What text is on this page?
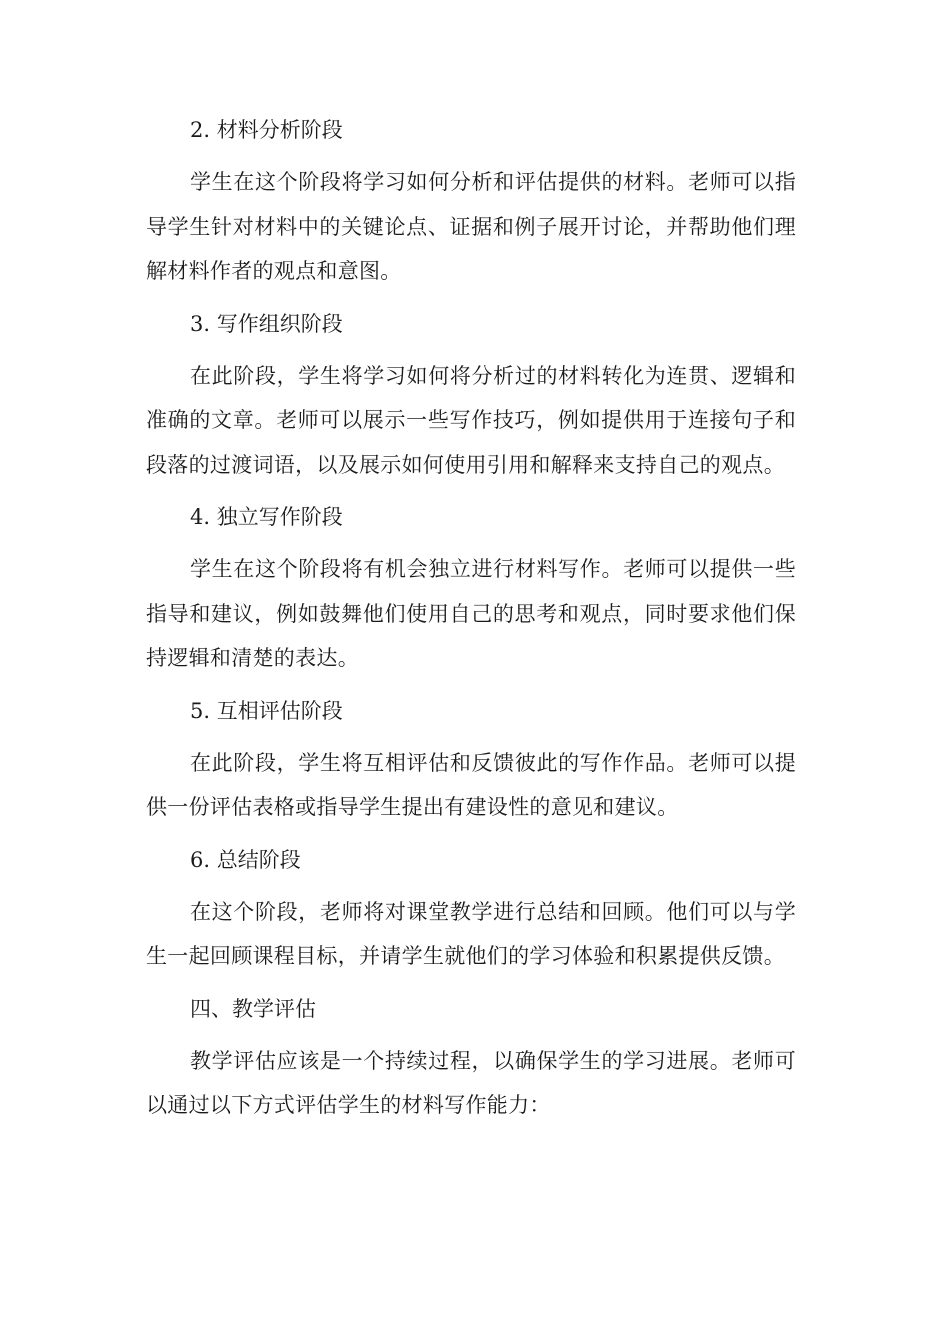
2. 材料分析阶段

学生在这个阶段将学习如何分析和评估提供的材料。老师可以指导学生针对材料中的关键论点、证据和例子展开讨论，并帮助他们理解材料作者的观点和意图。

3. 写作组织阶段

在此阶段，学生将学习如何将分析过的材料转化为连贯、逻辑和准确的文章。老师可以展示一些写作技巧，例如提供用于连接句子和段落的过渡词语，以及展示如何使用引用和解释来支持自己的观点。

4. 独立写作阶段

学生在这个阶段将有机会独立进行材料写作。老师可以提供一些指导和建议，例如鼓舞他们使用自己的思考和观点，同时要求他们保持逻辑和清楚的表达。

5. 互相评估阶段

在此阶段，学生将互相评估和反馈彼此的写作作品。老师可以提供一份评估表格或指导学生提出有建设性的意见和建议。

6. 总结阶段

在这个阶段，老师将对课堂教学进行总结和回顾。他们可以与学生一起回顾课程目标，并请学生就他们的学习体验和积累提供反馈。

四、教学评估

教学评估应该是一个持续过程，以确保学生的学习进展。老师可以通过以下方式评估学生的材料写作能力：
